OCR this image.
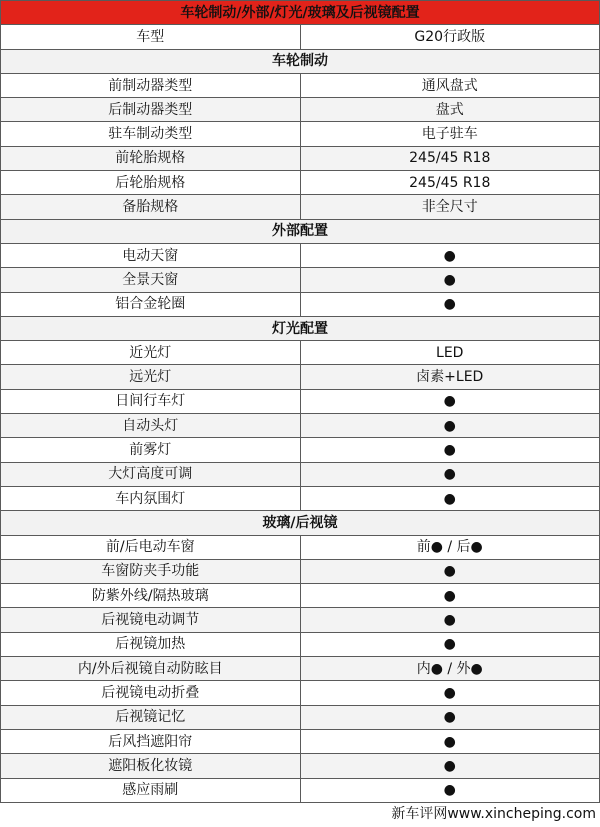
车轮制动/外部/灯光/玻璃及后视镜配置	
车型	G20行政版
车轮制动	
前制动器类型	通风盘式
后制动器类型	盘式
驻车制动类型	电子驻车
前轮胎规格	245/45 R18
后轮胎规格	245/45 R18
备胎规格	非全尺寸
外部配置	
电动天窗	●
全景天窗	●
铝合金轮圈	●
灯光配置	
近光灯	LED
远光灯	卤素+LED
日间行车灯	●
自动头灯	●
前雾灯	●
大灯高度可调	●
车内氛围灯	●
玻璃/后视镜	
前/后电动车窗	前● / 后●
车窗防夹手功能	●
防紫外线/隔热玻璃	●
后视镜电动调节	●
后视镜加热	●
内/外后视镜自动防眩目	内● / 外●
后视镜电动折叠	●
后视镜记忆	●
后风挡遮阳帘	●
遮阳板化妆镜	●
感应雨刷	●
新车评网www.xincheping.com
